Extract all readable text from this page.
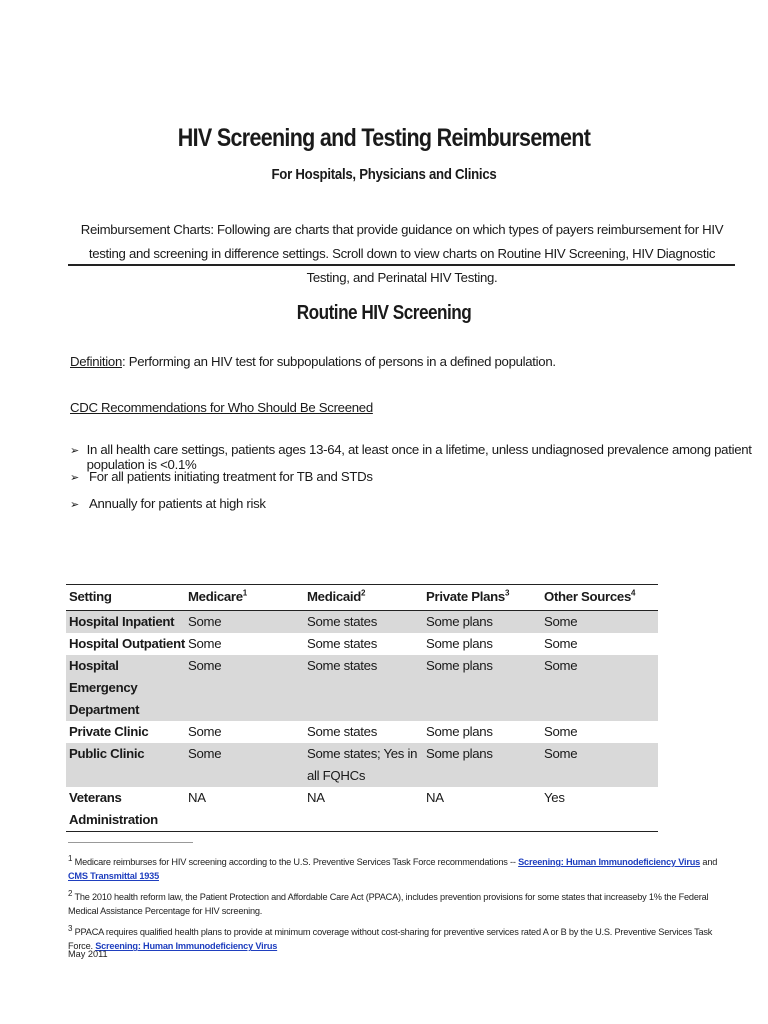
HIV Screening and Testing Reimbursement
For Hospitals, Physicians and Clinics
Reimbursement Charts: Following are charts that provide guidance on which types of payers reimbursement for HIV testing and screening in difference settings. Scroll down to view charts on Routine HIV Screening, HIV Diagnostic Testing, and Perinatal HIV Testing.
Routine HIV Screening
Definition: Performing an HIV test for subpopulations of persons in a defined population.
CDC Recommendations for Who Should Be Screened
➢ In all health care settings, patients ages 13-64, at least once in a lifetime, unless undiagnosed prevalence among patient population is <0.1%
➢ For all patients initiating treatment for TB and STDs
➢ Annually for patients at high risk
Setting	Medicare$^1$	Medicaid$^2$	Private Plans$^3$	Other Sources$^4$
Hospital Inpatient	Some	Some states	Some plans	Some
Hospital Outpatient	Some	Some states	Some plans	Some
Hospital Emergency Department	Some	Some states	Some plans	Some
Private Clinic	Some	Some states	Some plans	Some
Public Clinic	Some	Some states; Yes in all FQHCs	Some plans	Some
Veterans Administration	NA	NA	NA	Yes

$^1$ Medicare reimburses for HIV screening according to the U.S. Preventive Services Task Force recommendations -- Screening: Human Immunodeficiency Virus and CMS Transmittal 1935

$^2$ The 2010 health reform law, the Patient Protection and Affordable Care Act (PPACA), includes prevention provisions for some states that increaseby 1% the Federal Medical Assistance Percentage for HIV screening.

$^3$ PPACA requires qualified health plans to provide at minimum coverage without cost-sharing for preventive services rated A or B by the U.S. Preventive Services Task Force. Screening: Human Immunodeficiency Virus

May 2011
